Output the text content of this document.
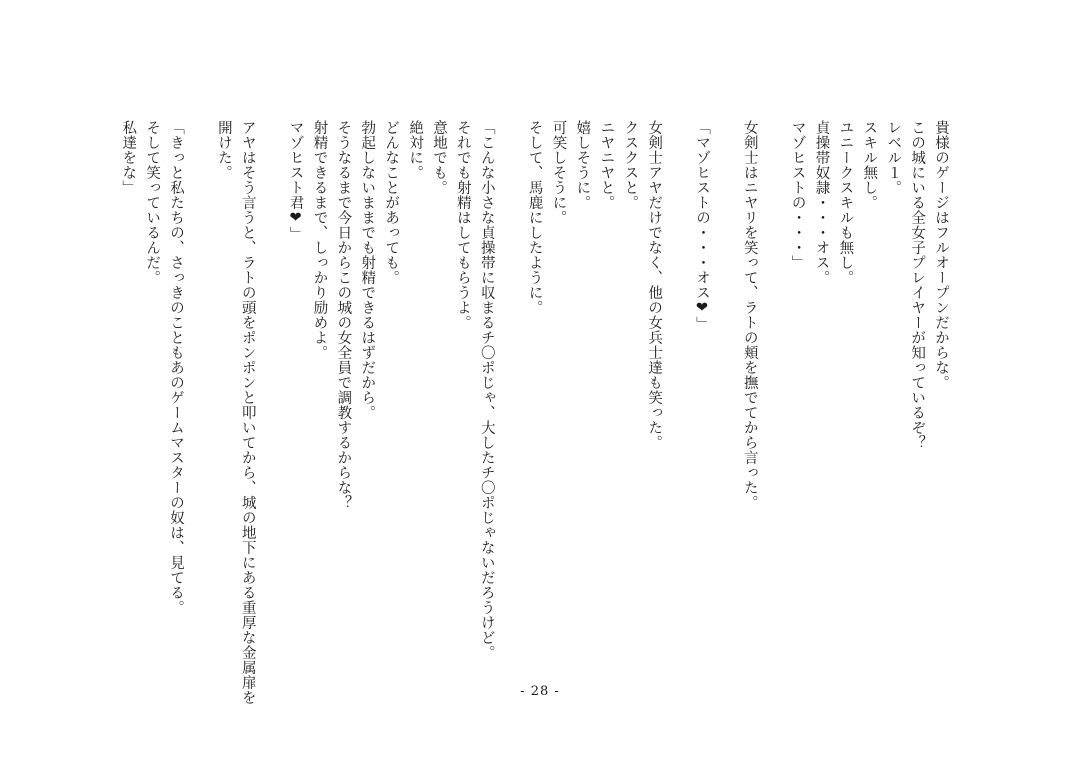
貴様のゲージはフルオープンだからな。
この城にいる全女子プレイヤーが知っているぞ？
レベル１。
スキル無し。
ユニークスキルも無し。
貞操帯奴隷・・・オス。
マゾヒストの・・・」

女剣士はニヤリを笑って、ラトの頬を撫でてから言った。

「マゾヒストの・・・オス❤」

女剣士アヤだけでなく、他の女兵士達も笑った。
クスクスと。
ニヤニヤと。
嬉しそうに。
可笑しそうに。
そして、馬鹿にしたように。

「こんな小さな貞操帯に収まるチ〇ポじゃ、大したチ〇ポじゃないだろうけど。
それでも射精はしてもらうよ。
意地でも。
絶対に。
どんなことがあっても。
勃起しないままでも射精できるはずだから。
そうなるまで今日からこの城の女全員で調教するからな？
射精できるまで、しっかり励めよ。
マゾヒスト君❤」

アヤはそう言うと、ラトの頭をポンポンと叩いてから、城の地下にある重厚な金属扉を
開けた。

「きっと私たちの、さっきのこともあのゲームマスターの奴は、見てる。
そして笑っているんだ。
私達をな」
- 28 -
